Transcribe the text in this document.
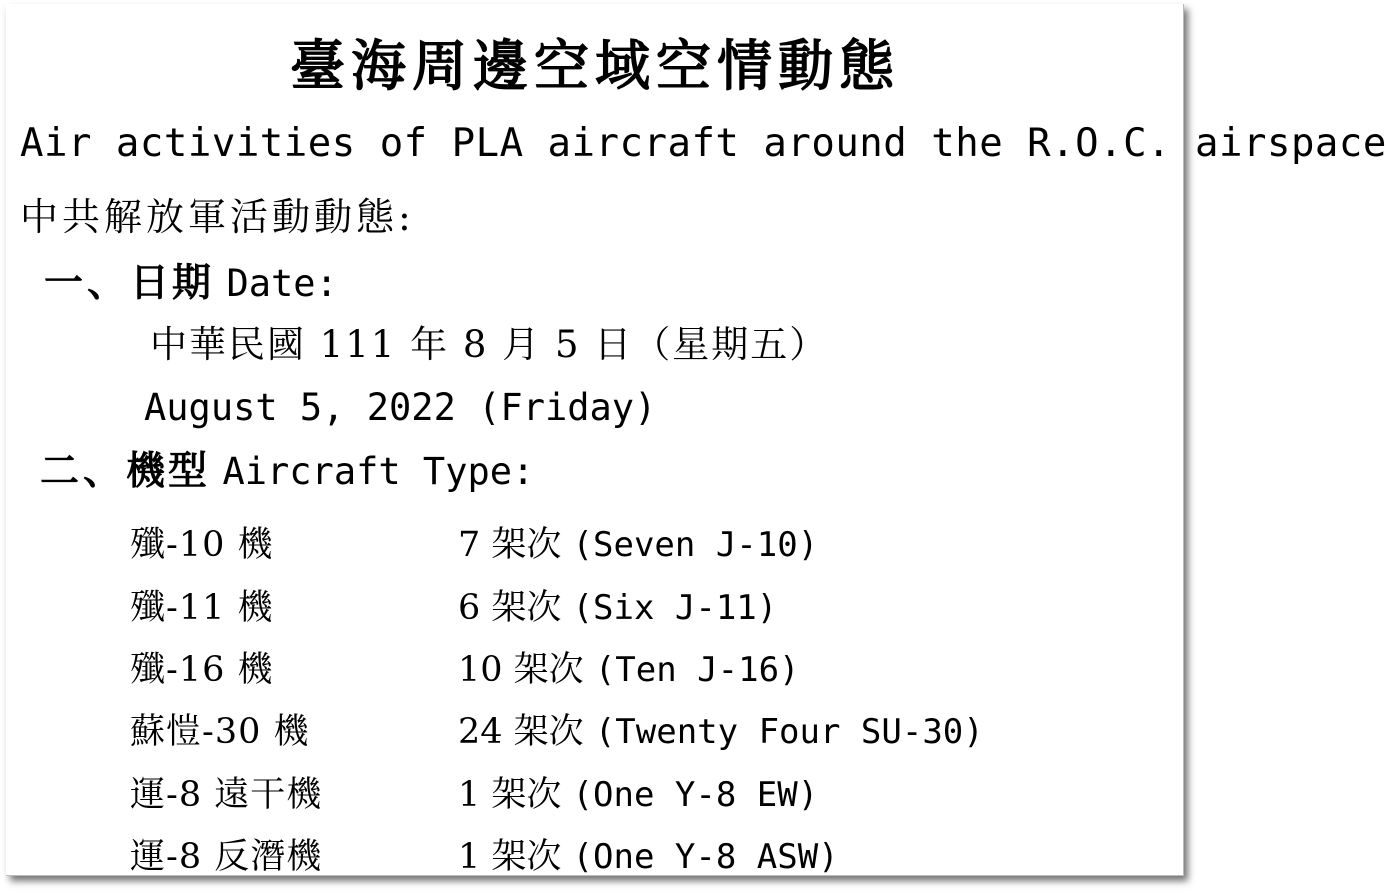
臺海周邊空域空情動態
Air activities of PLA aircraft around the R.O.C. airspace
中共解放軍活動動態:
一、日期 Date:
中華民國 111 年 8 月 5 日（星期五）
August 5, 2022 (Friday)
二、機型 Aircraft Type:
殲-10 機	7 架次 (Seven J-10)
殲-11 機	6 架次 (Six J-11)
殲-16 機	10 架次 (Ten J-16)
蘇愷-30 機	24 架次 (Twenty Four SU-30)
運-8 遠干機	1 架次 (One Y-8 EW)
運-8 反潛機	1 架次 (One Y-8 ASW)
